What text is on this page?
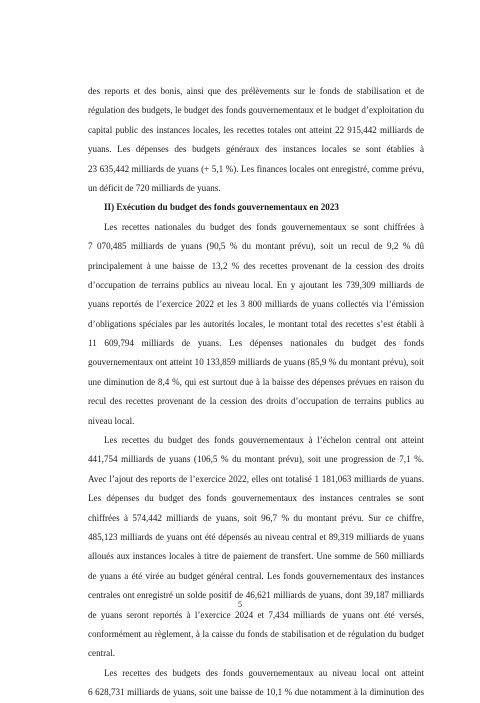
des reports et des bonis, ainsi que des prélèvements sur le fonds de stabilisation et de
régulation des budgets, le budget des fonds gouvernementaux et le budget d’exploitation du
capital public des instances locales, les recettes totales ont atteint 22 915,442 milliards de
yuans. Les dépenses des budgets généraux des instances locales se sont établies à
23 635,442 milliards de yuans (+ 5,1 %). Les finances locales ont enregistré, comme prévu,
un déficit de 720 milliards de yuans.
II) Exécution du budget des fonds gouvernementaux en 2023
Les recettes nationales du budget des fonds gouvernementaux se sont chiffrées à
7 070,485 milliards de yuans (90,5 % du montant prévu), soit un recul de 9,2 % dû
principalement à une baisse de 13,2 % des recettes provenant de la cession des droits
d’occupation de terrains publics au niveau local. En y ajoutant les 739,309 milliards de
yuans reportés de l’exercice 2022 et les 3 800 milliards de yuans collectés via l’émission
d’obligations spéciales par les autorités locales, le montant total des recettes s’est établi à
11 609,794 milliards de yuans. Les dépenses nationales du budget des fonds
gouvernementaux ont atteint 10 133,859 milliards de yuans (85,9 % du montant prévu), soit
une diminution de 8,4 %, qui est surtout due à la baisse des dépenses prévues en raison du
recul des recettes provenant de la cession des droits d’occupation de terrains publics au
niveau local.
Les recettes du budget des fonds gouvernementaux à l’échelon central ont atteint
441,754 milliards de yuans (106,5 % du montant prévu), soit une progression de 7,1 %.
Avec l’ajout des reports de l’exercice 2022, elles ont totalisé 1 181,063 milliards de yuans.
Les dépenses du budget des fonds gouvernementaux des instances centrales se sont
chiffrées à 574,442 milliards de yuans, soit 96,7 % du montant prévu. Sur ce chiffre,
485,123 milliards de yuans ont été dépensés au niveau central et 89,319 milliards de yuans
alloués aux instances locales à titre de paiement de transfert. Une somme de 560 milliards
de yuans a été virée au budget général central. Les fonds gouvernementaux des instances
centrales ont enregistré un solde positif de 46,621 milliards de yuans, dont 39,187 milliards
de yuans seront reportés à l’exercice 2024 et 7,434 milliards de yuans ont été versés,
conformément au règlement, à la caisse du fonds de stabilisation et de régulation du budget
central.
Les recettes des budgets des fonds gouvernementaux au niveau local ont atteint
6 628,731 milliards de yuans, soit une baisse de 10,1 % due notamment à la diminution des
5
